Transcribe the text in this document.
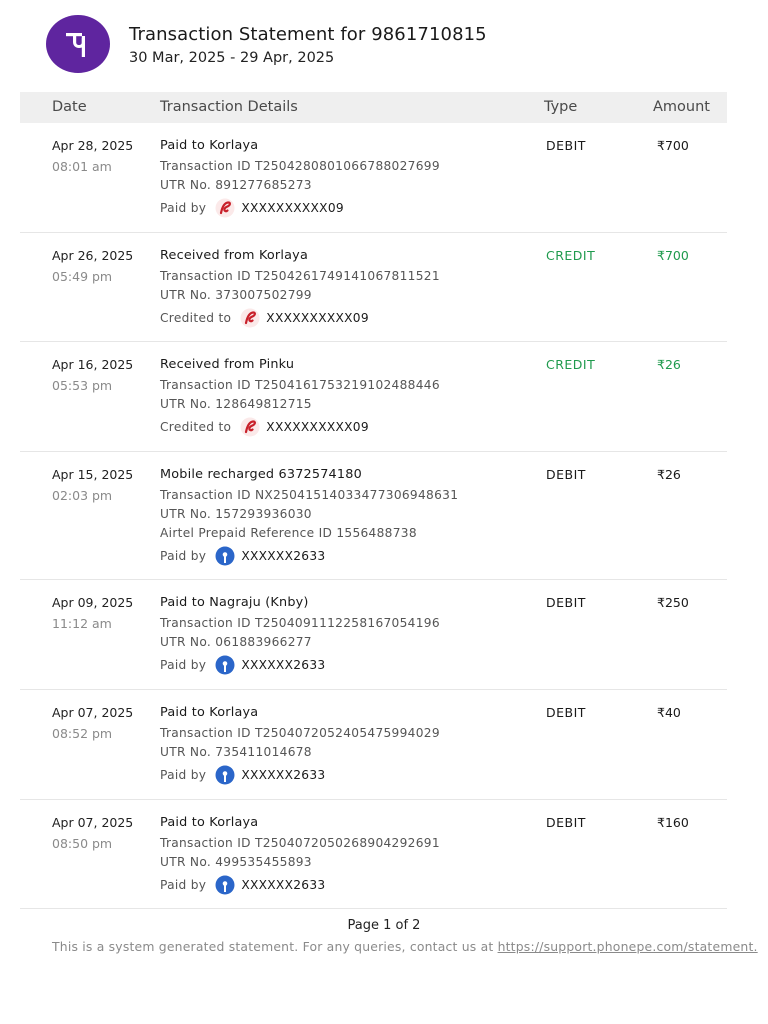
Transaction Statement for 9861710815
30 Mar, 2025 - 29 Apr, 2025
Date	Transaction Details	Type	Amount
Apr 28, 2025
08:01 am
Paid to Korlaya
Transaction ID T2504280801066788027699
UTR No. 891277685273
Paid by	XXXXXXXXXX09
DEBIT	₹700
Apr 26, 2025
05:49 pm
Received from Korlaya
Transaction ID T2504261749141067811521
UTR No. 373007502799
Credited to	XXXXXXXXXX09
CREDIT	₹700
Apr 16, 2025
05:53 pm
Received from Pinku
Transaction ID T2504161753219102488446
UTR No. 128649812715
Credited to	XXXXXXXXXX09
CREDIT	₹26
Apr 15, 2025
02:03 pm
Mobile recharged 6372574180
Transaction ID NX25041514033477306948631
UTR No. 157293936030
Airtel Prepaid Reference ID 1556488738
Paid by	XXXXXX2633
DEBIT	₹26
Apr 09, 2025
11:12 am
Paid to Nagraju (Knby)
Transaction ID T2504091112258167054196
UTR No. 061883966277
Paid by	XXXXXX2633
DEBIT	₹250
Apr 07, 2025
08:52 pm
Paid to Korlaya
Transaction ID T2504072052405475994029
UTR No. 735411014678
Paid by	XXXXXX2633
DEBIT	₹40
Apr 07, 2025
08:50 pm
Paid to Korlaya
Transaction ID T2504072050268904292691
UTR No. 499535455893
Paid by	XXXXXX2633
DEBIT	₹160
Page 1 of 2
This is a system generated statement. For any queries, contact us at https://support.phonepe.com/statement.
